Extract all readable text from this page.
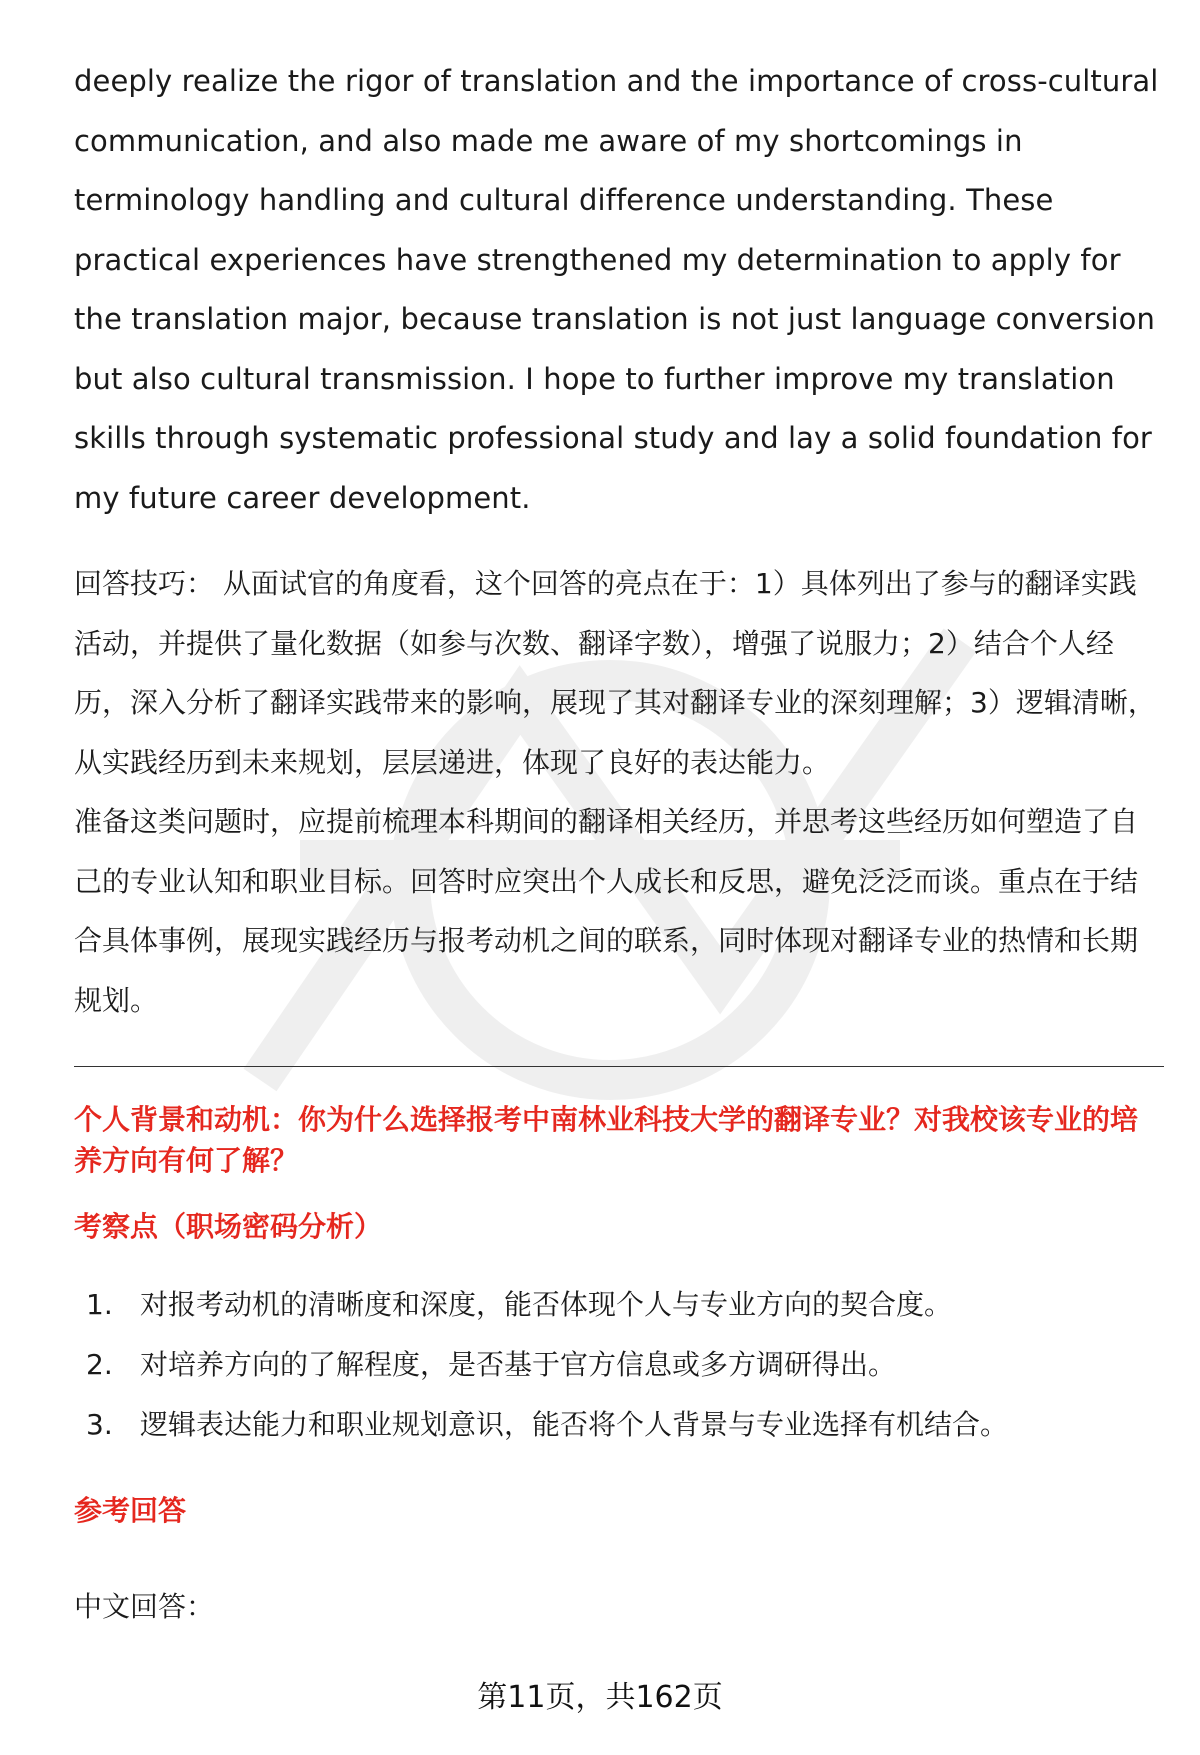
deeply realize the rigor of translation and the importance of cross-cultural communication, and also made me aware of my shortcomings in terminology handling and cultural difference understanding. These practical experiences have strengthened my determination to apply for the translation major, because translation is not just language conversion but also cultural transmission. I hope to further improve my translation skills through systematic professional study and lay a solid foundation for my future career development.

回答技巧： 从面试官的角度看，这个回答的亮点在于：1）具体列出了参与的翻译实践活动，并提供了量化数据（如参与次数、翻译字数），增强了说服力；2）结合个人经历，深入分析了翻译实践带来的影响，展现了其对翻译专业的深刻理解；3）逻辑清晰，从实践经历到未来规划，层层递进，体现了良好的表达能力。

准备这类问题时，应提前梳理本科期间的翻译相关经历，并思考这些经历如何塑造了自己的专业认知和职业目标。回答时应突出个人成长和反思，避免泛泛而谈。重点在于结合具体事例，展现实践经历与报考动机之间的联系，同时体现对翻译专业的热情和长期规划。

个人背景和动机：你为什么选择报考中南林业科技大学的翻译专业？对我校该专业的培养方向有何了解？
考察点（职场密码分析）
1. 对报考动机的清晰度和深度，能否体现个人与专业方向的契合度。
2. 对培养方向的了解程度，是否基于官方信息或多方调研得出。
3. 逻辑表达能力和职业规划意识，能否将个人背景与专业选择有机结合。
参考回答
中文回答：
第11页，共162页
